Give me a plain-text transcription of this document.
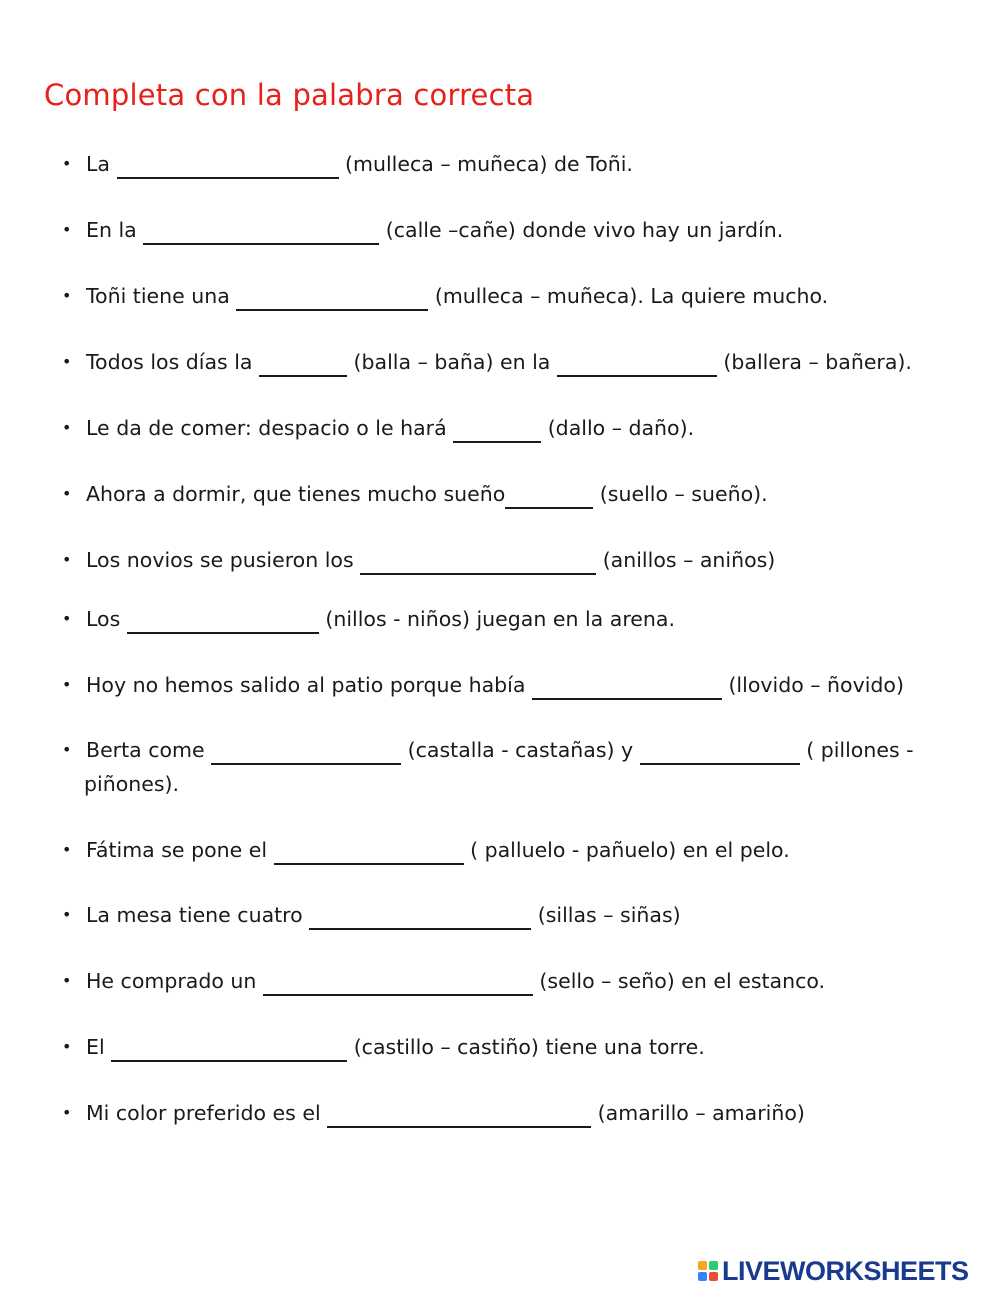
Completa con la palabra correcta
• La	(mulleca – muñeca) de Toñi.
• En la	(calle –cañe) donde vivo hay un jardín.
• Toñi tiene una	(mulleca – muñeca). La quiere mucho.
• Todos los días la	(balla – baña) en la	(ballera – bañera).
• Le da de comer: despacio o le hará	(dallo – daño).
• Ahora a dormir, que tienes mucho sueño	(suello – sueño).
• Los novios se pusieron los	(anillos – aniños)
• Los	(nillos - niños) juegan en la arena.
• Hoy no hemos salido al patio porque había	(llovido – ñovido)
• Berta come	(castalla - castañas) y	( pillones -
piñones).
• Fátima se pone el	( palluelo - pañuelo) en el pelo.
• La mesa tiene cuatro	(sillas – siñas)
• He comprado un	(sello – seño) en el estanco.
• El	(castillo – castiño) tiene una torre.
• Mi color preferido es el	(amarillo – amariño)
LIVEWORKSHEETS
